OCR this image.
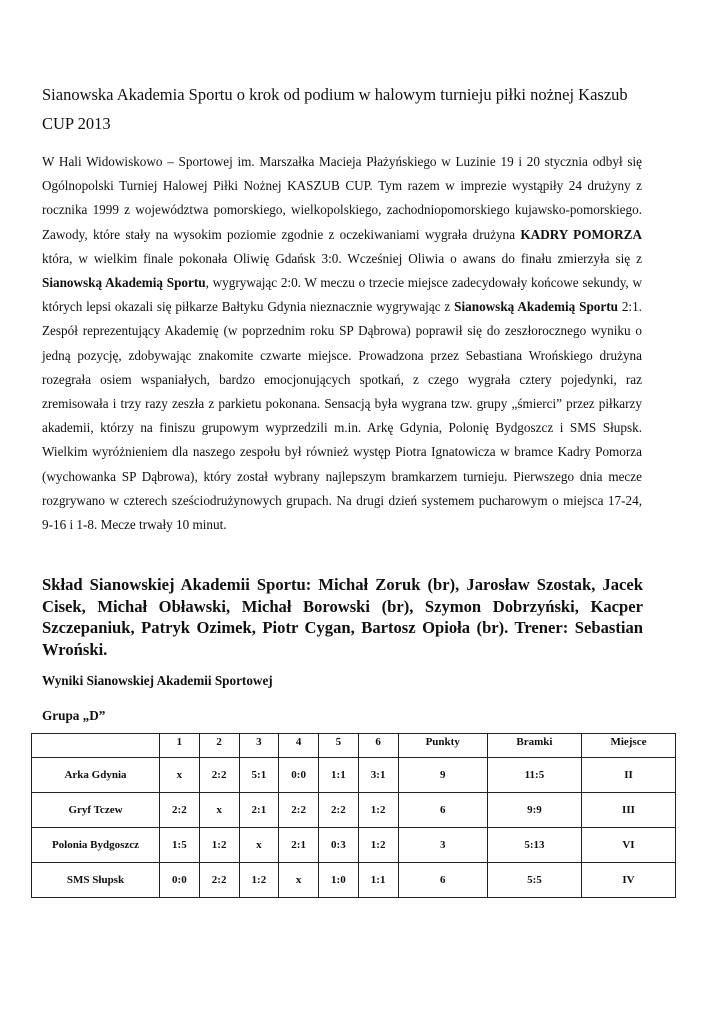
Sianowska Akademia Sportu o krok od podium w halowym turnieju piłki nożnej Kaszub CUP 2013
W Hali Widowiskowo – Sportowej im. Marszałka Macieja Płażyńskiego w Luzinie 19 i 20 stycznia odbył się Ogólnopolski Turniej Halowej Piłki Nożnej KASZUB CUP. Tym razem w imprezie wystąpiły 24 drużyny z rocznika 1999 z województwa pomorskiego, wielkopolskiego, zachodniopomorskiego kujawsko-pomorskiego. Zawody, które stały na wysokim poziomie zgodnie z oczekiwaniami wygrała drużyna KADRY POMORZA która, w wielkim finale pokonała Oliwię Gdańsk 3:0. Wcześniej Oliwia o awans do finału zmierzyła się z Sianowską Akademią Sportu, wygrywając 2:0. W meczu o trzecie miejsce zadecydowały końcowe sekundy, w których lepsi okazali się piłkarze Bałtyku Gdynia nieznacznie wygrywając z Sianowską Akademią Sportu 2:1. Zespół reprezentujący Akademię (w poprzednim roku SP Dąbrowa) poprawił się do zeszłorocznego wyniku o jedną pozycję, zdobywając znakomite czwarte miejsce. Prowadzona przez Sebastiana Wrońskiego drużyna rozegrała osiem wspaniałych, bardzo emocjonujących spotkań, z czego wygrała cztery pojedynki, raz zremisowała i trzy razy zeszła z parkietu pokonana. Sensacją była wygrana tzw. grupy „śmierci” przez piłkarzy akademii, którzy na finiszu grupowym wyprzedzili m.in. Arkę Gdynia, Polonię Bydgoszcz i SMS Słupsk. Wielkim wyróżnieniem dla naszego zespołu był również występ Piotra Ignatowicza w bramce Kadry Pomorza (wychowanka SP Dąbrowa), który został wybrany najlepszym bramkarzem turnieju. Pierwszego dnia mecze rozgrywano w czterech sześciodrużynowych grupach. Na drugi dzień systemem pucharowym o miejsca 17-24, 9-16 i 1-8. Mecze trwały 10 minut.
Skład Sianowskiej Akademii Sportu: Michał Zoruk (br), Jarosław Szostak, Jacek Cisek, Michał Obławski, Michał Borowski (br), Szymon Dobrzyński, Kacper Szczepaniuk, Patryk Ozimek, Piotr Cygan, Bartosz Opioła (br). Trener: Sebastian Wroński.
Wyniki Sianowskiej Akademii Sportowej
Grupa „D”
	1	2	3	4	5	6	Punkty	Bramki	Miejsce
Arka Gdynia	x	2:2	5:1	0:0	1:1	3:1	9	11:5	II
Gryf Tczew	2:2	x	2:1	2:2	2:2	1:2	6	9:9	III
Polonia Bydgoszcz	1:5	1:2	x	2:1	0:3	1:2	3	5:13	VI
SMS Słupsk	0:0	2:2	1:2	x	1:0	1:1	6	5:5	IV
